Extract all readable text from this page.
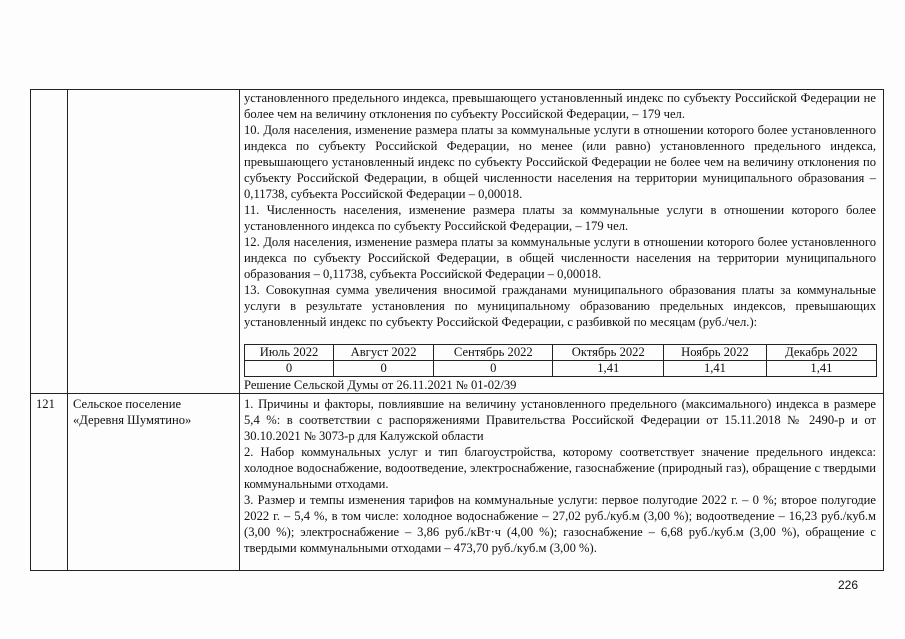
установленного предельного индекса, превышающего установленный индекс по субъекту Российской Федерации не более чем на величину отклонения по субъекту Российской Федерации, – 179 чел.
10. Доля населения, изменение размера платы за коммунальные услуги в отношении которого более установленного индекса по субъекту Российской Федерации, но менее (или равно) установленного предельного индекса, превышающего установленный индекс по субъекту Российской Федерации не более чем на величину отклонения по субъекту Российской Федерации, в общей численности населения на территории муниципального образования – 0,11738, субъекта Российской Федерации – 0,00018.
11. Численность населения, изменение размера платы за коммунальные услуги в отношении которого более установленного индекса по субъекту Российской Федерации, – 179 чел.
12. Доля населения, изменение размера платы за коммунальные услуги в отношении которого более установленного индекса по субъекту Российской Федерации, в общей численности населения на территории муниципального образования – 0,11738, субъекта Российской Федерации – 0,00018.
13. Совокупная сумма увеличения вносимой гражданами муниципального образования платы за коммунальные услуги в результате установления по муниципальному образованию предельных индексов, превышающих установленный индекс по субъекту Российской Федерации, с разбивкой по месяцам (руб./чел.):
Июль 2022	Август 2022	Сентябрь 2022	Октябрь 2022	Ноябрь 2022	Декабрь 2022
0	0	0	1,41	1,41	1,41
Решение Сельской Думы от 26.11.2021 № 01-02/39
121 Сельское поселение «Деревня Шумятино»
1. Причины и факторы, повлиявшие на величину установленного предельного (максимального) индекса в размере 5,4 %: в соответствии с распоряжениями Правительства Российской Федерации от 15.11.2018 № 2490-р и от 30.10.2021 № 3073-р для Калужской области
2. Набор коммунальных услуг и тип благоустройства, которому соответствует значение предельного индекса: холодное водоснабжение, водоотведение, электроснабжение, газоснабжение (природный газ), обращение с твердыми коммунальными отходами.
3. Размер и темпы изменения тарифов на коммунальные услуги: первое полугодие 2022 г. – 0 %; второе полугодие 2022 г. – 5,4 %, в том числе: холодное водоснабжение – 27,02 руб./куб.м (3,00 %); водоотведение – 16,23 руб./куб.м (3,00 %); электроснабжение – 3,86 руб./кВт·ч (4,00 %); газоснабжение – 6,68 руб./куб.м (3,00 %), обращение с твердыми коммунальными отходами – 473,70 руб./куб.м (3,00 %).
226
